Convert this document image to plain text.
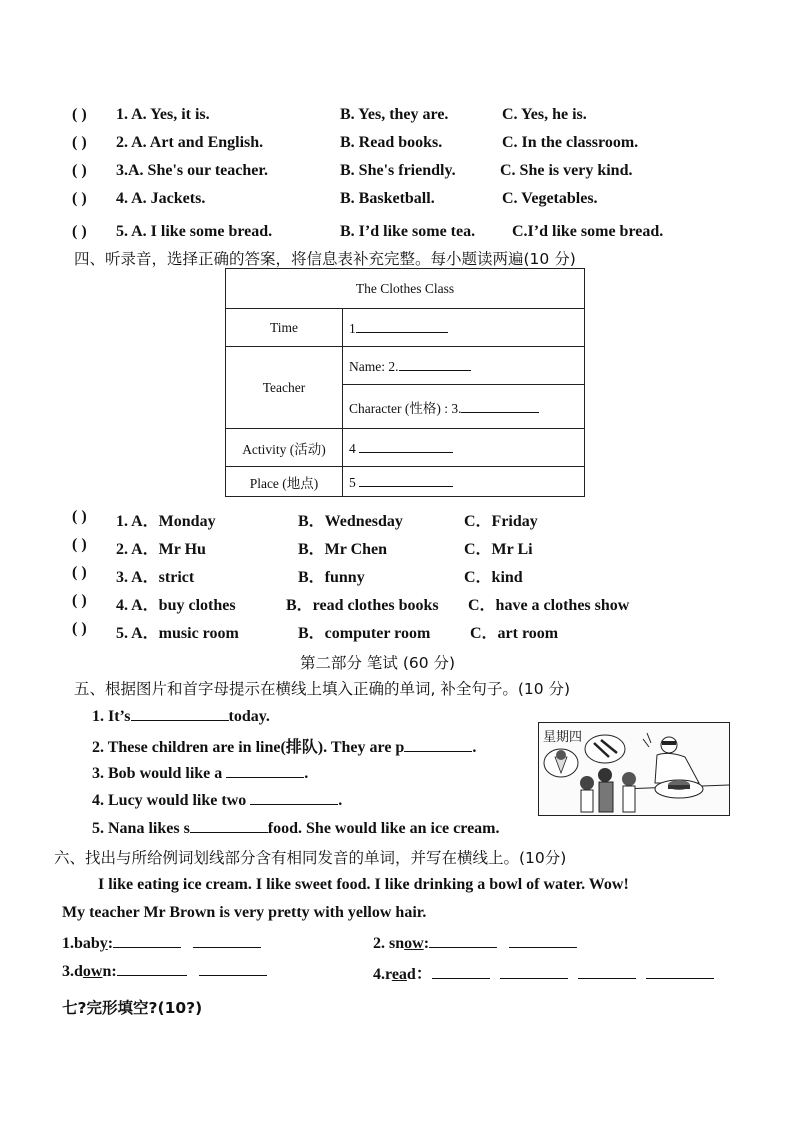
( ) 1. A. Yes, it is.	B. Yes, they are.	C. Yes, he is.
( ) 2. A. Art and English.	B. Read books.	C. In the classroom.
( ) 3.A. She's our teacher.	B. She's friendly.	C. She is very kind.
( ) 4. A. Jackets.	B. Basketball.	C. Vegetables.
( ) 5. A. I like some bread.	B. I’d like some tea. C.I’d like some bread.
四、听录音，选择正确的答案，将信息表补充完整。每小题读两遍(10 分)
The Clothes Class	
Time	1
Teacher	Name: 2.
	Character (性格) : 3.
Activity (活动)	4
Place (地点)	5
( ) 1. A．Monday	B．Wednesday	C．Friday
( ) 2. A．Mr Hu	B．Mr Chen	C．Mr Li
( ) 3. A．strict	B．funny	C．kind
( ) 4. A．buy clothes	B．read clothes books C．have a clothes show
( ) 5. A．music room	B．computer room C．art room
第二部分 笔试 (60 分)
五、根据图片和首字母提示在横线上填入正确的单词, 补全句子。(10 分)
1. It’s	today.
2. These children are in line(排队). They are p	.
3. Bob would like a	.
4. Lucy would like two	.
5. Nana likes s	food. She would like an ice cream.
星期四
六、找出与所给例词划线部分含有相同发音的单词，并写在横线上。(10分)
I like eating ice cream. I like sweet food. I like drinking a bowl of water. Wow!
My teacher Mr Brown is very pretty with yellow hair.
1.baby:	2. snow:
3.down:	4.read：
七?完形填空?(10?)
